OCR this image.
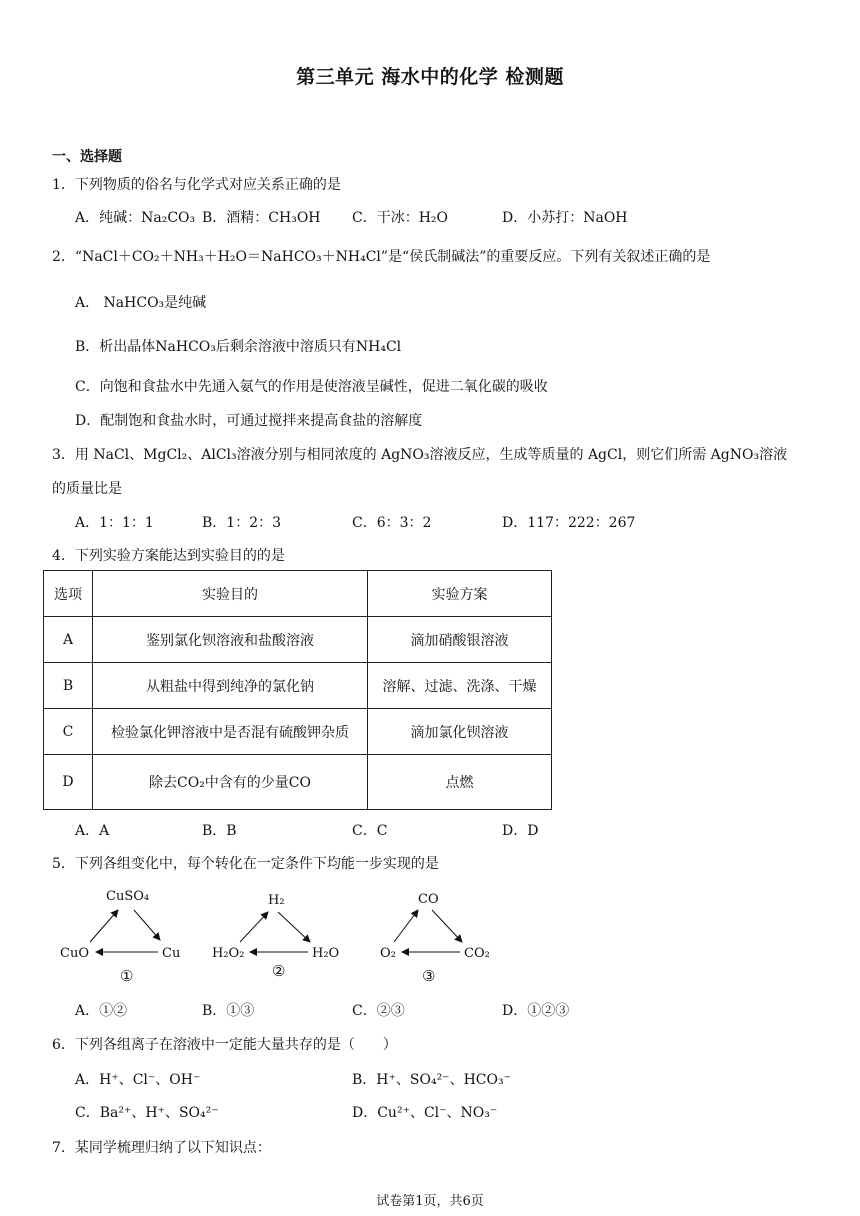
第三单元 海水中的化学 检测题
一、选择题
1．下列物质的俗名与化学式对应关系正确的是
A．纯碱：Na₂CO₃ B．酒精：CH₃OH C．干冰：H₂O	D．小苏打：NaOH
2．“NaCl＋CO₂＋NH₃＋H₂O＝NaHCO₃＋NH₄Cl”是“侯氏制碱法”的重要反应。下列有关叙述正确的是
A． NaHCO₃是纯碱
B．析出晶体NaHCO₃后剩余溶液中溶质只有NH₄Cl
C．向饱和食盐水中先通入氨气的作用是使溶液呈碱性，促进二氧化碳的吸收
D．配制饱和食盐水时，可通过搅拌来提高食盐的溶解度
3．用 NaCl、MgCl₂、AlCl₃溶液分别与相同浓度的 AgNO₃溶液反应，生成等质量的 AgCl，则它们所需 AgNO₃溶液
的质量比是
A．1：1：1	B．1：2：3	C．6：3：2	D．117：222：267
4．下列实验方案能达到实验目的的是
选项	实验目的	实验方案
A	鉴别氯化钡溶液和盐酸溶液	滴加硝酸银溶液
B	从粗盐中得到纯净的氯化钠	溶解、过滤、洗涤、干燥
C	检验氯化钾溶液中是否混有硫酸钾杂质	滴加氯化钡溶液
D	除去CO₂中含有的少量CO	点燃
A．A	B．B	C．C	D．D
5．下列各组变化中，每个转化在一定条件下均能一步实现的是
CuSO₄
CuO	Cu
①
H₂
H₂O₂	H₂O
②
CO
O₂	CO₂
③
A．①②	B．①③	C．②③	D．①②③
6．下列各组离子在溶液中一定能大量共存的是（　　）
A．H⁺、Cl⁻、OH⁻	B．H⁺、SO₄²⁻、HCO₃⁻
C．Ba²⁺、H⁺、SO₄²⁻	D．Cu²⁺、Cl⁻、NO₃⁻
7．某同学梳理归纳了以下知识点：
试卷第1页，共6页
